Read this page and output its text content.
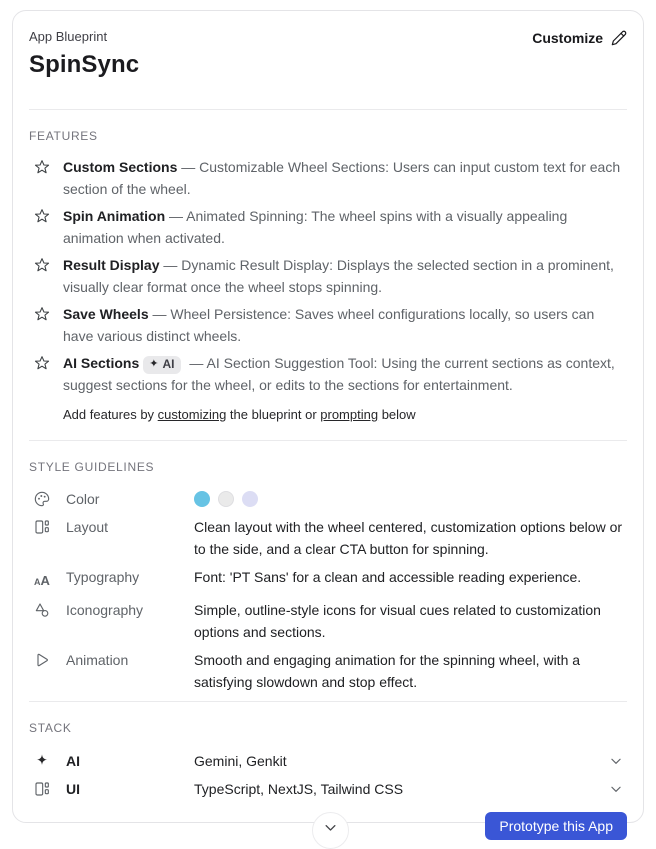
App Blueprint
SpinSync
Customize
FEATURES
Custom Sections — Customizable Wheel Sections: Users can input custom text for each section of the wheel.
Spin Animation — Animated Spinning: The wheel spins with a visually appealing animation when activated.
Result Display — Dynamic Result Display: Displays the selected section in a prominent, visually clear format once the wheel stops spinning.
Save Wheels — Wheel Persistence: Saves wheel configurations locally, so users can have various distinct wheels.
AI Sections ✦ AI — AI Section Suggestion Tool: Using the current sections as context, suggest sections for the wheel, or edits to the sections for entertainment.
Add features by customizing the blueprint or prompting below
STYLE GUIDELINES
Color
Layout	Clean layout with the wheel centered, customization options below or to the side, and a clear CTA button for spinning.
AA Typography	Font: 'PT Sans' for a clean and accessible reading experience.
Iconography	Simple, outline-style icons for visual cues related to customization options and sections.
Animation	Smooth and engaging animation for the spinning wheel, with a satisfying slowdown and stop effect.
STACK
AI	Gemini, Genkit
UI	TypeScript, NextJS, Tailwind CSS
Prototype this App
